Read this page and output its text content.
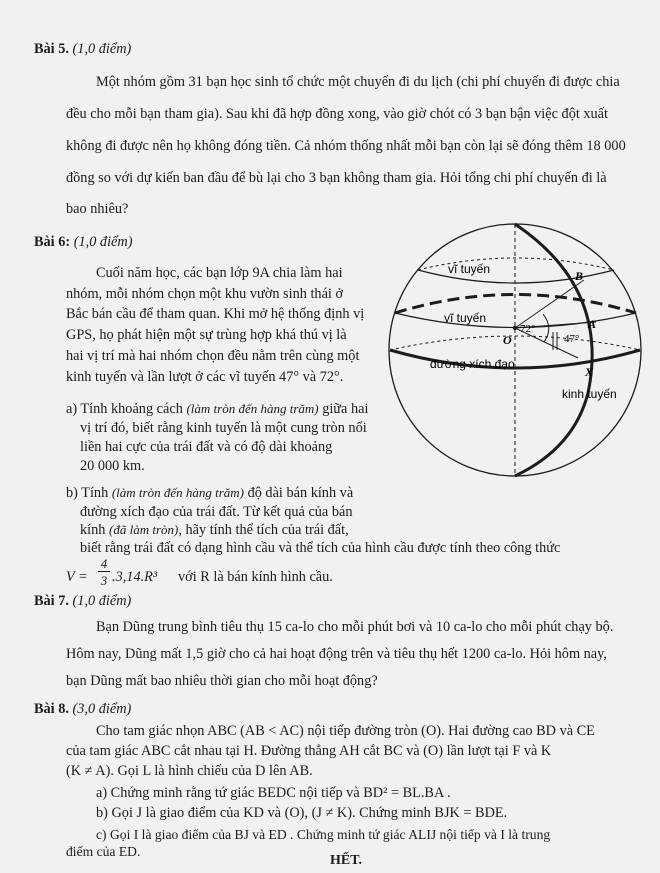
Bài 5. (1,0 điểm)
Một nhóm gồm 31 bạn học sinh tổ chức một chuyến đi du lịch (chi phí chuyến đi được chia
đều cho mỗi bạn tham gia). Sau khi đã hợp đồng xong, vào giờ chót có 3 bạn bận việc đột xuất
không đi được nên họ không đóng tiền. Cả nhóm thống nhất mỗi bạn còn lại sẽ đóng thêm 18 000
đồng so với dự kiến ban đầu để bù lại cho 3 bạn không tham gia. Hỏi tổng chi phí chuyến đi là
bao nhiêu?
Bài 6: (1,0 điểm)
Cuối năm học, các bạn lớp 9A chia làm hai
nhóm, mỗi nhóm chọn một khu vườn sinh thái ở
Bắc bán cầu để tham quan. Khi mở hệ thống định vị
GPS, họ phát hiện một sự trùng hợp khá thú vị là
hai vị trí mà hai nhóm chọn đều nằm trên cùng một
kinh tuyến và lần lượt ở các vĩ tuyến 47° và 72°.
a) Tính khoảng cách (làm tròn đến hàng trăm) giữa hai
vị trí đó, biết rằng kinh tuyến là một cung tròn nối
liền hai cực của trái đất và có độ dài khoảng
20 000 km.
b) Tính (làm tròn đến hàng trăm) độ dài bán kính và
đường xích đạo của trái đất. Từ kết quả của bán
kính (đã làm tròn), hãy tính thể tích của trái đất,
biết rằng trái đất có dạng hình cầu và thể tích của hình cầu được tính theo công thức
V =
4
3 .3,14.R³ với R là bán kính hình cầu.
vĩ tuyến
vĩ tuyến
đường xích đạo
kinh tuyến
O
A
B
X
72°
47°
Bài 7. (1,0 điểm)
Bạn Dũng trung bình tiêu thụ 15 ca-lo cho mỗi phút bơi và 10 ca-lo cho mỗi phút chạy bộ.
Hôm nay, Dũng mất 1,5 giờ cho cả hai hoạt động trên và tiêu thụ hết 1200 ca-lo. Hỏi hôm nay,
bạn Dũng mất bao nhiêu thời gian cho mỗi hoạt động?
Bài 8. (3,0 điểm)
Cho tam giác nhọn ABC (AB < AC) nội tiếp đường tròn (O). Hai đường cao BD và CE
của tam giác ABC cắt nhau tại H. Đường thẳng AH cắt BC và (O) lần lượt tại F và K
(K ≠ A). Gọi L là hình chiếu của D lên AB.
a) Chứng minh rằng tứ giác BEDC nội tiếp và BD² = BL.BA .
b) Gọi J là giao điểm của KD và (O), (J ≠ K). Chứng minh BJK = BDE.
c) Gọi I là giao điểm của BJ và ED . Chứng minh tứ giác ALIJ nội tiếp và I là trung
HẾT.
điểm của ED.
